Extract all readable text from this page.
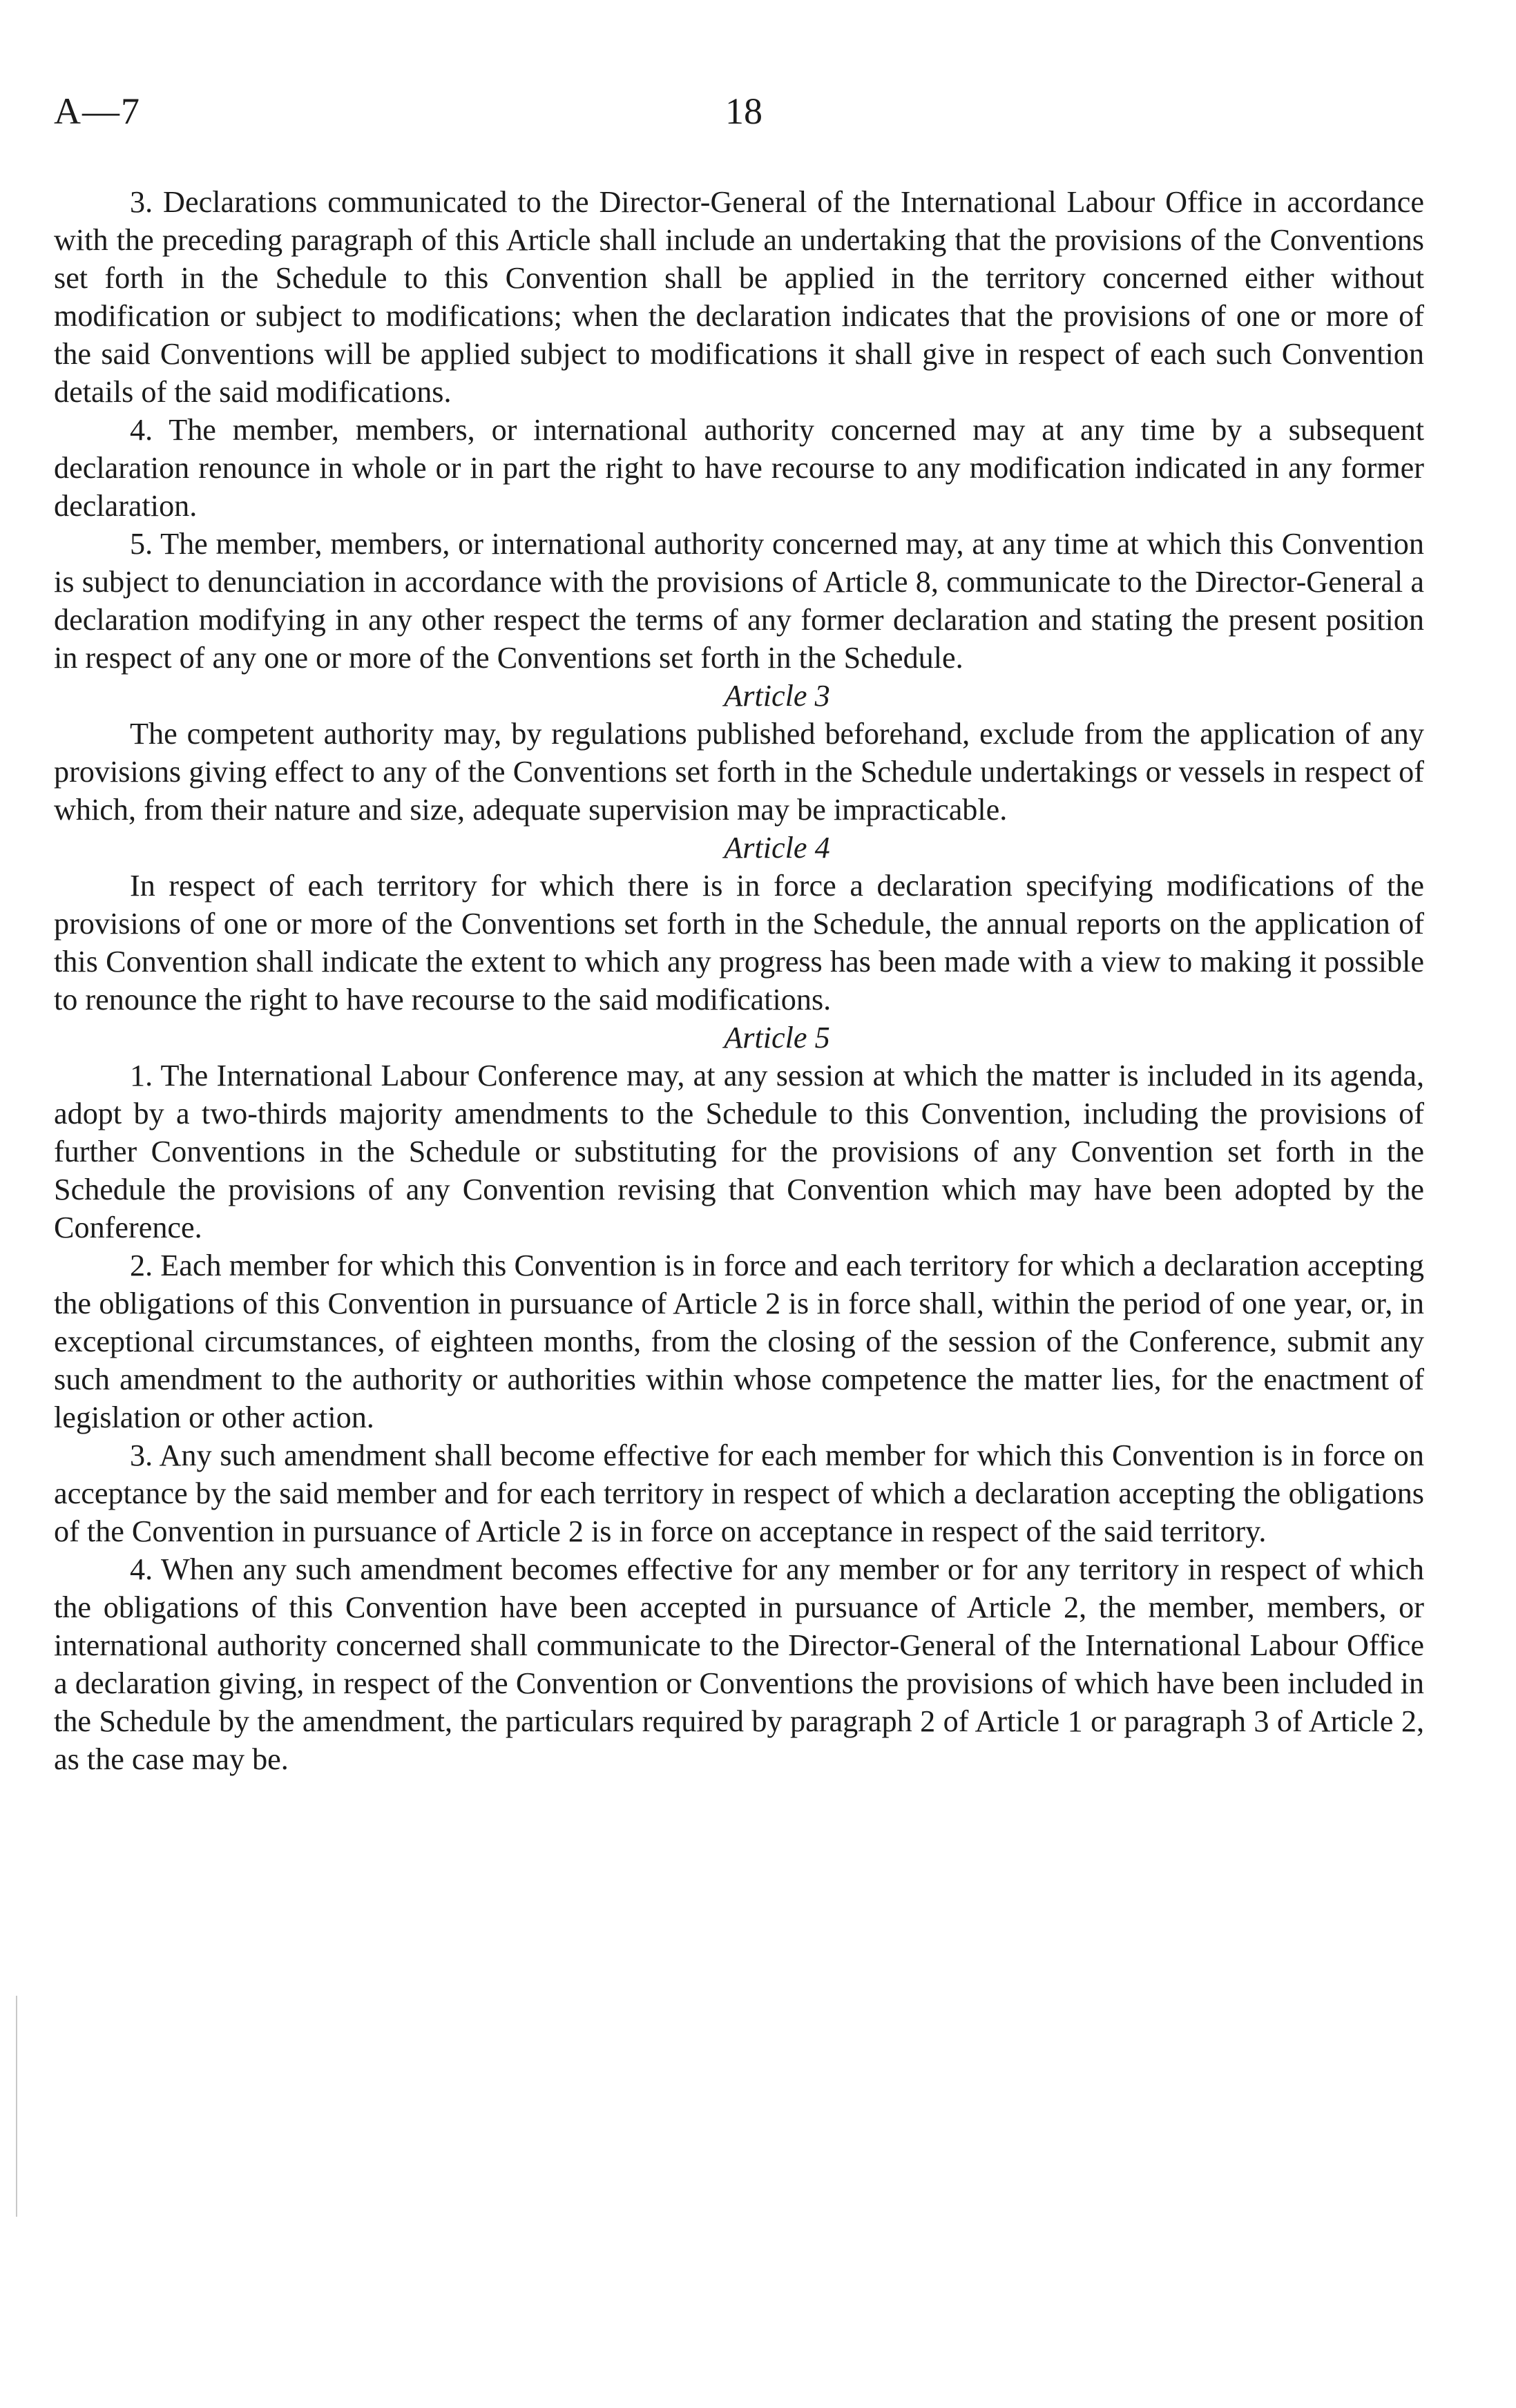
A—7	18

3. Declarations communicated to the Director-General of the International Labour Office in accordance with the preceding paragraph of this Article shall include an undertaking that the provisions of the Conventions set forth in the Schedule to this Convention shall be applied in the territory concerned either without modification or subject to modifications; when the declaration indicates that the provisions of one or more of the said Conventions will be applied subject to modifications it shall give in respect of each such Convention details of the said modifications.

4. The member, members, or international authority concerned may at any time by a subsequent declaration renounce in whole or in part the right to have recourse to any modification indicated in any former declaration.

5. The member, members, or international authority concerned may, at any time at which this Convention is subject to denunciation in accordance with the provisions of Article 8, communicate to the Director-General a declaration modifying in any other respect the terms of any former declaration and stating the present position in respect of any one or more of the Conventions set forth in the Schedule.

Article 3

The competent authority may, by regulations published beforehand, exclude from the application of any provisions giving effect to any of the Conventions set forth in the Schedule undertakings or vessels in respect of which, from their nature and size, adequate supervision may be impracticable.

Article 4

In respect of each territory for which there is in force a declaration specifying modifications of the provisions of one or more of the Conventions set forth in the Schedule, the annual reports on the application of this Convention shall indicate the extent to which any progress has been made with a view to making it possible to renounce the right to have recourse to the said modifications.

Article 5

1. The International Labour Conference may, at any session at which the matter is included in its agenda, adopt by a two-thirds majority amendments to the Schedule to this Convention, including the provisions of further Conventions in the Schedule or substituting for the provisions of any Convention set forth in the Schedule the provisions of any Convention revising that Convention which may have been adopted by the Conference.

2. Each member for which this Convention is in force and each territory for which a declaration accepting the obligations of this Convention in pursuance of Article 2 is in force shall, within the period of one year, or, in exceptional circumstances, of eighteen months, from the closing of the session of the Conference, submit any such amendment to the authority or authorities within whose competence the matter lies, for the enactment of legislation or other action.

3. Any such amendment shall become effective for each member for which this Convention is in force on acceptance by the said member and for each territory in respect of which a declaration accepting the obligations of the Convention in pursuance of Article 2 is in force on acceptance in respect of the said territory.

4. When any such amendment becomes effective for any member or for any territory in respect of which the obligations of this Convention have been accepted in pursuance of Article 2, the member, members, or international authority concerned shall communicate to the Director-General of the International Labour Office a declaration giving, in respect of the Convention or Conventions the provisions of which have been included in the Schedule by the amendment, the particulars required by paragraph 2 of Article 1 or paragraph 3 of Article 2, as the case may be.
